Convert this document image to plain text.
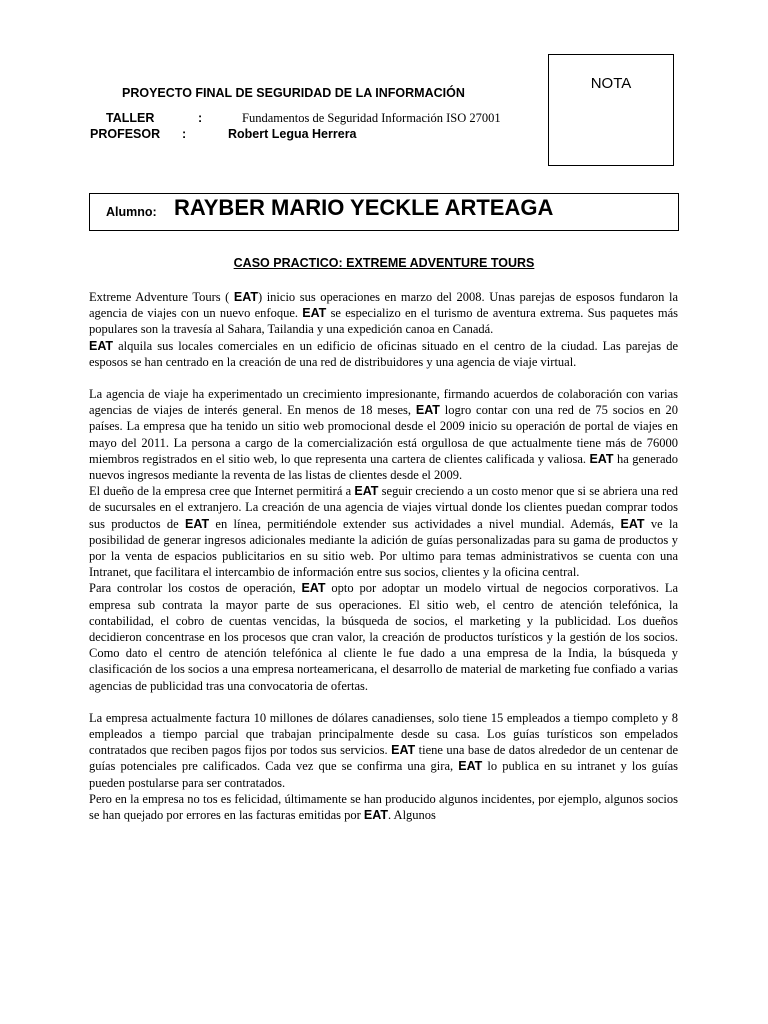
PROYECTO FINAL DE SEGURIDAD DE LA INFORMACIÓN
TALLER	:	Fundamentos de Seguridad Información ISO 27001
PROFESOR :	Robert Legua Herrera
NOTA
Alumno: RAYBER MARIO YECKLE ARTEAGA
CASO PRACTICO: EXTREME ADVENTURE TOURS

Extreme Adventure Tours ( EAT) inicio sus operaciones en marzo del 2008. Unas parejas de esposos fundaron la agencia de viajes con un nuevo enfoque. EAT se especializo en el turismo de aventura extrema. Sus paquetes más populares son la travesía al Sahara, Tailandia y una expedición canoa en Canadá.

EAT alquila sus locales comerciales en un edificio de oficinas situado en el centro de la ciudad. Las parejas de esposos se han centrado en la creación de una red de distribuidores y una agencia de viaje virtual.

La agencia de viaje ha experimentado un crecimiento impresionante, firmando acuerdos de colaboración con varias agencias de viajes de interés general. En menos de 18 meses, EAT logro contar con una red de 75 socios en 20 países. La empresa que ha tenido un sitio web promocional desde el 2009 inicio su operación de portal de viajes en mayo del 2011. La persona a cargo de la comercialización está orgullosa de que actualmente tiene más de 76000 miembros registrados en el sitio web, lo que representa una cartera de clientes calificada y valiosa. EAT ha generado nuevos ingresos mediante la reventa de las listas de clientes desde el 2009.

El dueño de la empresa cree que Internet permitirá a EAT seguir creciendo a un costo menor que si se abriera una red de sucursales en el extranjero. La creación de una agencia de viajes virtual donde los clientes puedan comprar todos sus productos de EAT en línea, permitiéndole extender sus actividades a nivel mundial. Además, EAT ve la posibilidad de generar ingresos adicionales mediante la adición de guías personalizadas para su gama de productos y por la venta de espacios publicitarios en su sitio web. Por ultimo para temas administrativos se cuenta con una Intranet, que facilitara el intercambio de información entre sus socios, clientes y la oficina central.

Para controlar los costos de operación, EAT opto por adoptar un modelo virtual de negocios corporativos. La empresa sub contrata la mayor parte de sus operaciones. El sitio web, el centro de atención telefónica, la contabilidad, el cobro de cuentas vencidas, la búsqueda de socios, el marketing y la publicidad. Los dueños decidieron concentrase en los procesos que cran valor, la creación de productos turísticos y la gestión de los socios. Como dato el centro de atención telefónica al cliente le fue dado a una empresa de la India, la búsqueda y clasificación de los socios a una empresa norteamericana, el desarrollo de material de marketing fue confiado a varias agencias de publicidad tras una convocatoria de ofertas.

La empresa actualmente factura 10 millones de dólares canadienses, solo tiene 15 empleados a tiempo completo y 8 empleados a tiempo parcial que trabajan principalmente desde su casa. Los guías turísticos son empelados contratados que reciben pagos fijos por todos sus servicios. EAT tiene una base de datos alrededor de un centenar de guías potenciales pre calificados. Cada vez que se confirma una gira, EAT lo publica en su intranet y los guías pueden postularse para ser contratados.

Pero en la empresa no tos es felicidad, últimamente se han producido algunos incidentes, por ejemplo, algunos socios se han quejado por errores en las facturas emitidas por EAT. Algunos
